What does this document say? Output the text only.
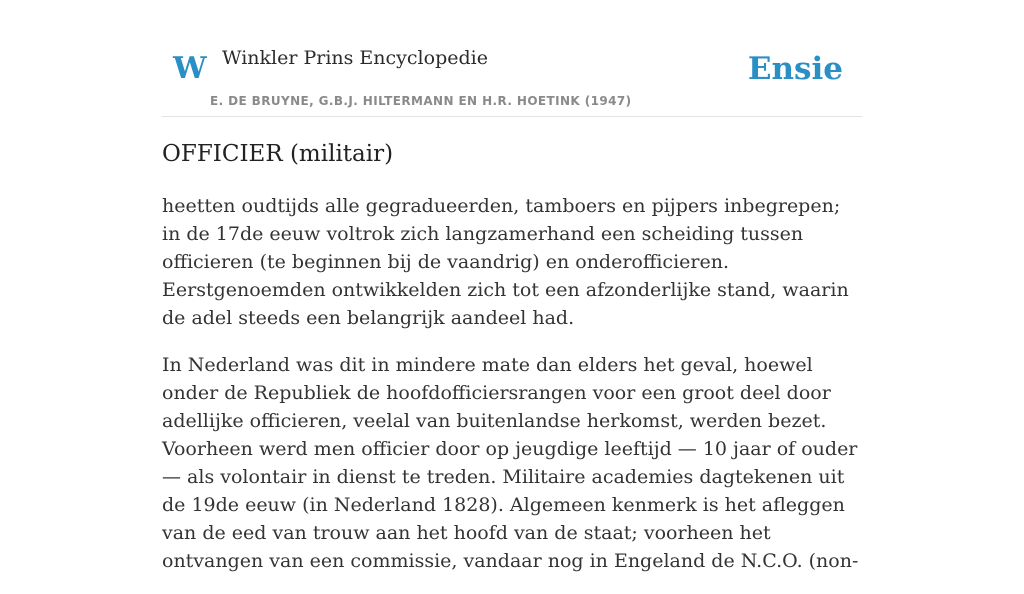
W Winkler Prins Encyclopedie
E. DE BRUYNE, G.B.J. HILTERMANN EN H.R. HOETINK (1947)
Ensie
OFFICIER (militair)

heetten oudtijds alle gegradueerden, tamboers en pijpers inbegrepen; in de 17de eeuw voltrok zich langzamerhand een scheiding tussen officieren (te beginnen bij de vaandrig) en onderofficieren. Eerstgenoemden ontwikkelden zich tot een afzonderlijke stand, waarin de adel steeds een belangrijk aandeel had.

In Nederland was dit in mindere mate dan elders het geval, hoewel onder de Republiek de hoofdofficiersrangen voor een groot deel door adellijke officieren, veelal van buitenlandse herkomst, werden bezet. Voorheen werd men officier door op jeugdige leeftijd — 10 jaar of ouder — als volontair in dienst te treden. Militaire academies dagtekenen uit de 19de eeuw (in Nederland 1828). Algemeen kenmerk is het afleggen van de eed van trouw aan het hoofd van de staat; voorheen het ontvangen van een commissie, vandaar nog in Engeland de N.C.O. (non-
